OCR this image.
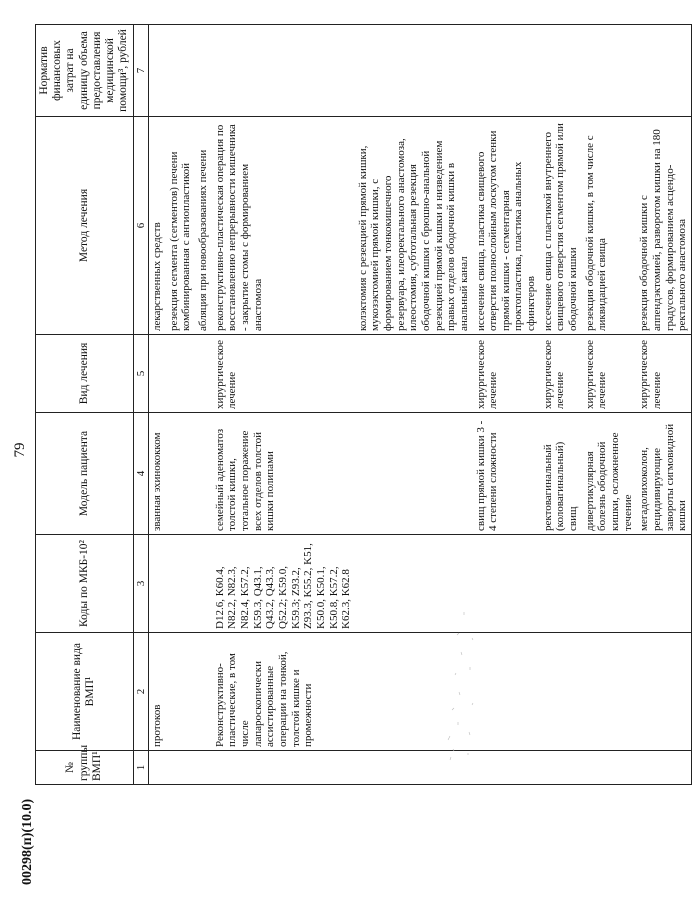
79
№ группы ВМП¹	Наименование вида ВМП¹	Коды по МКБ-10²	Модель пациента	Вид лечения	Метод лечения	Норматив финансовых затрат на единицу объема предоставления медицинской помощи³, рублей
1	2	3	4	5	6	7
	протоков		званная эхинококком		лекарственных средств	
					резекция сегмента (сегментов) печени комбинированная с ангиопластикой	
					абляция при новообразованиях печени	
	Реконструктивно-пластические, в том числе лапароскопически ассистированные операции на тонкой, толстой кишке и промежности	D12.6, K60.4, N82.2, N82.3, N82.4, K57.2, K59.3, Q43.1, Q43.2, Q43.3, Q52.2; K59.0, K59.3; Z93.2, Z93.3, K55.2, K51, K50.0, K50.1, K50.8, K57.2, K62.3, K62.8	семейный аденоматоз толстой кишки, тотальное поражение всех отделов толстой кишки полипами	хирургическое лечение	реконструктивно-пластическая операция по восстановлению непрерывности кишечника - закрытие стомы с формированием анастомоза	
					колэктомия с резекцией прямой кишки, мукозэктомией прямой кишки, с формированием тонкокишечного резервуара, илеоректального анастомоза, илеостомия, субтотальная резекция ободочной кишки с брюшно-анальной резекцией прямой кишки и низведением правых отделов ободочной кишки в анальный канал	
			свищ прямой кишки 3 - 4 степени сложности	хирургическое лечение	иссечение свища, пластика свищевого отверстия полнослойным лоскутом стенки прямой кишки - сегментарная проктопластика, пластика анальных сфинктеров	
			ректовагинальный (коловагинальный) свищ	хирургическое лечение	иссечение свища с пластикой внутреннего свищевого отверстия сегментом прямой или ободочной кишки	
			дивертикулярная болезнь ободочной кишки, осложненное течение	хирургическое лечение	резекция ободочной кишки, в том числе с ликвидацией свища	
			мегадолихоколон, рецидивирующие завороты сигмовидной кишки	хирургическое лечение	резекция ободочной кишки с аппендэктомией, разворотом кишки на 180 градусов, формированием асцендо-ректального анастомоза	
00298(п)(10.0)
